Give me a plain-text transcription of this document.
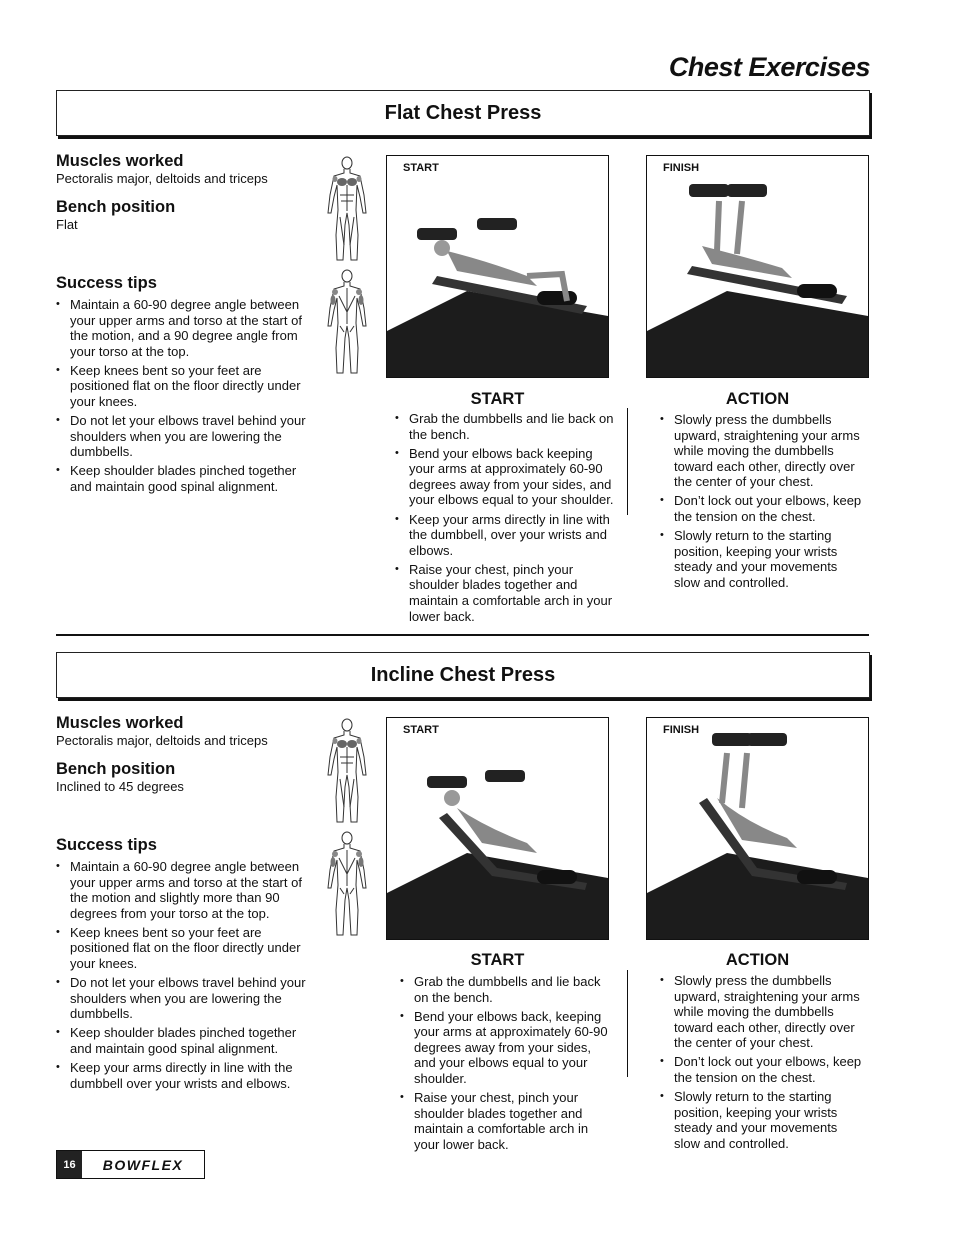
Chest Exercises
Flat Chest Press

Muscles worked

Pectoralis major, deltoids and triceps

Bench position

Flat

Success tips

• Maintain a 60-90 degree angle between your upper arms and torso at the start of the motion, and a 90 degree angle from your torso at the top.
• Keep knees bent so your feet are positioned flat on the floor directly under your knees.
• Do not let your elbows travel behind your shoulders when you are lowering the dumbbells.
• Keep shoulder blades pinched together and maintain good spinal alignment.
START	FINISH
START
• Grab the dumbbells and lie back on the bench.
• Bend your elbows back keeping your arms at approximately 60-90 degrees away from your sides, and your elbows equal to your shoulder.
• Keep your arms directly in line with the dumbbell, over your wrists and elbows.
• Raise your chest, pinch your shoulder blades together and maintain a comfortable arch in your lower back.
ACTION
• Slowly press the dumbbells upward, straightening your arms while moving the dumbbells toward each other, directly over the center of your chest.
• Don’t lock out your elbows, keep the tension on the chest.
• Slowly return to the starting position, keeping your wrists steady and your movements slow and controlled.
Incline Chest Press

Muscles worked

Pectoralis major, deltoids and triceps

Bench position

Inclined to 45 degrees

Success tips

• Maintain a 60-90 degree angle between your upper arms and torso at the start of the motion and slightly more than 90 degrees from your torso at the top.
• Keep knees bent so your feet are positioned flat on the floor directly under your knees.
• Do not let your elbows travel behind your shoulders when you are lowering the dumbbells.
• Keep shoulder blades pinched together and maintain good spinal alignment.
• Keep your arms directly in line with the dumbbell over your wrists and elbows.
START	FINISH
START
• Grab the dumbbells and lie back on the bench.
• Bend your elbows back, keeping your arms at approximately 60-90 degrees away from your sides, and your elbows equal to your shoulder.
• Raise your chest, pinch your shoulder blades together and maintain a comfortable arch in your lower back.
ACTION
• Slowly press the dumbbells upward, straightening your arms while moving the dumbbells toward each other, directly over the center of your chest.
• Don’t lock out your elbows, keep the tension on the chest.
• Slowly return to the starting position, keeping your wrists steady and your movements slow and controlled.
16	BOWFLEX
